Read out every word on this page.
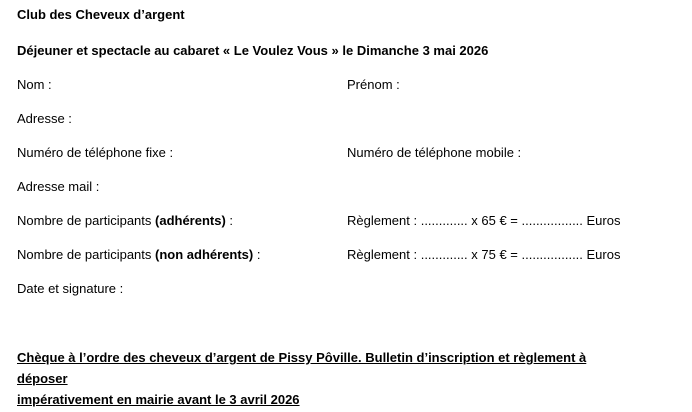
Club des Cheveux d’argent
Déjeuner et spectacle au cabaret « Le Voulez Vous » le Dimanche 3 mai 2026
Nom :	Prénom :
Adresse :
Numéro de téléphone fixe :	Numéro de téléphone mobile :
Adresse mail :
Nombre de participants (adhérents) :	Règlement : ............. x 65 € = ................. Euros
Nombre de participants (non adhérents) :	Règlement : ............. x 75 € = ................. Euros
Date et signature :
Chèque à l’ordre des cheveux d’argent de Pissy Pôville. Bulletin d’inscription et règlement à déposer
impérativement en mairie avant le 3 avril 2026
